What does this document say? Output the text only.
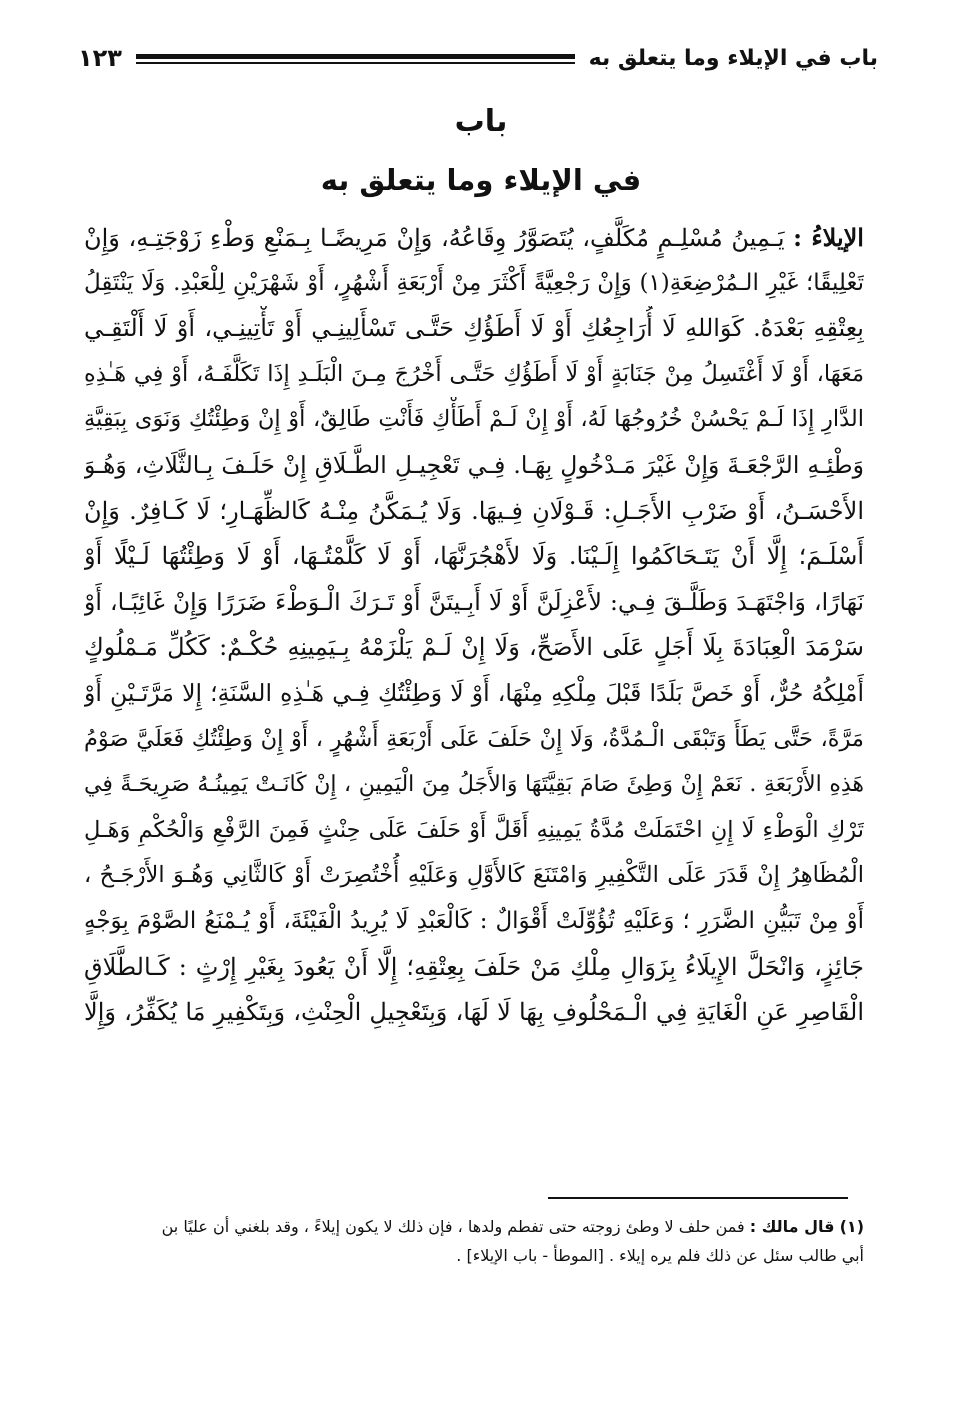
باب في الإيلاء وما يتعلق به
١٢٣
باب
في الإيلاء وما يتعلق به
الإيلاءُ : يَـمِينُ مُسْلِـمٍ مُكَلَّفٍ، يُتَصَوَّرُ وِقَاعُهُ، وَإِنْ مَرِيضًـا بِـمَنْعِ وَطْءِ زَوْجَتِـهِ، وَإِنْ
تَعْلِيقًا؛ غَيْرِ الـمُرْضِعَةِ(١) وَإِنْ رَجْعِيَّةً أَكْثَرَ مِنْ أَرْبَعَةِ أَشْهُرٍ، أَوْ شَهْرَيْنِ لِلْعَبْدِ. وَلَا يَنْتَقِلُ
بِعِتْقِهِ بَعْدَهُ. كَوَاللهِ لَا أُرَاجِعُكِ أَوْ لَا أَطَؤُكِ حَتَّـى تَسْأَلِينِـي أَوْ تَأْتِينِـي، أَوْ لَا أَلْتَقِـي
مَعَهَا، أَوْ لَا أَغْتَسِلُ مِنْ جَنَابَةٍ أَوْ لَا أَطَؤُكِ حَتَّـى أَخْرُجَ مِـنَ الْبَلَـدِ إِذَا تَكَلَّفَـهُ، أَوْ فِي هَـٰذِهِ
الدَّارِ إِذَا لَـمْ يَحْسُنْ خُرُوجُهَا لَهُ، أَوْ إِنْ لَـمْ أَطَأْكِ فَأَنْتِ طَالِقٌ، أَوْ إِنْ وَطِئْتُكِ وَنَوَى بِبَقِيَّةِ
وَطْئِـهِ الرَّجْعَـةَ وَإِنْ غَيْرَ مَـدْخُولٍ بِهَـا. فِـي تَعْجِيـلِ الطَّـلَاقِ إِنْ حَلَـفَ بِـالثَّلَاثِ، وَهُـوَ
الأَحْسَـنُ، أَوْ ضَرْبِ الأَجَـلِ: قَـوْلَانِ فِـيهَا. وَلَا يُـمَكَّنُ مِنْـهُ كَالظِّهَـارِ؛ لَا كَـافِرٌ. وَإِنْ
أَسْلَـمَ؛ إِلَّا أَنْ يَتَـحَاكَمُوا إِلَـيْنَا. وَلَا لأَهْجُرَنَّهَا، أَوْ لَا كَلَّمْتُـهَا، أَوْ لَا وَطِئْتُهَا لَـيْلًا أَوْ
نَهَارًا، وَاجْتَهَـدَ وَطَلَّـقَ فِـي: لأَعْزِلَنَّ أَوْ لَا أَبِـيتَنَّ أَوْ تَـرَكَ الْـوَطْءَ ضَرَرًا وَإِنْ غَائِبًـا، أَوْ
سَرْمَدَ الْعِبَادَةَ بِلَا أَجَلٍ عَلَى الأَصَحِّ، وَلَا إِنْ لَـمْ يَلْزَمْهُ بِـيَمِينِهِ حُكْـمٌ: كَكُلِّ مَـمْلُوكٍ
أَمْلِكُهُ حُرٌّ، أَوْ خَصَّ بَلَدًا قَبْلَ مِلْكِهِ مِنْهَا، أَوْ لَا وَطِئْتُكِ فِـي هَـٰذِهِ السَّنَةِ؛ إِلا مَرَّتَـيْنِ أَوْ
مَرَّةً، حَتَّى يَطَأَ وَتَبْقَى الْـمُدَّةُ، وَلَا إِنْ حَلَفَ عَلَى أَرْبَعَةِ أَشْهُرٍ ، أَوْ إِنْ وَطِئْتُكِ فَعَلَيَّ صَوْمُ
هَذِهِ الأَرْبَعَةِ . نَعَمْ إِنْ وَطِئَ صَامَ بَقِيَّتَهَا وَالأَجَلُ مِنَ الْيَمِينِ ، إِنْ كَانَـتْ يَمِينُـهُ صَرِيحَـةً فِي
تَرْكِ الْوَطْءِ لَا إِنِ احْتَمَلَتْ مُدَّةُ يَمِينِهِ أَقَلَّ أَوْ حَلَفَ عَلَى حِنْثٍ فَمِنَ الرَّفْعِ وَالْحُكْمِ وَهَـلِ
الْمُظَاهِرُ إِنْ قَدَرَ عَلَى التَّكْفِيرِ وَامْتَنَعَ كَالأَوَّلِ وَعَلَيْهِ أُخْتُصِرَتْ أَوْ كَالثَّانِي وَهُـوَ الأَرْجَـحُ ،
أَوْ مِنْ تَبَيُّنِ الضَّرَرِ ؛ وَعَلَيْهِ تُؤُوِّلَتْ أَقْوَالٌ : كَالْعَبْدِ لَا يُرِيدُ الْفَيْئَةَ، أَوْ يُـمْنَعُ الصَّوْمَ بِوَجْهٍ
جَائِزٍ، وَانْحَلَّ الإِيلَاءُ بِزَوَالِ مِلْكِ مَنْ حَلَفَ بِعِتْقِهِ؛ إِلَّا أَنْ يَعُودَ بِغَيْرِ إِرْثٍ : كَـالطَّلَاقِ
الْقَاصِرِ عَنِ الْغَايَةِ فِي الْـمَحْلُوفِ بِهَا لَا لَهَا، وَبِتَعْجِيلِ الْحِنْثِ، وَبِتَكْفِيرِ مَا يُكَفِّرُ، وَإِلَّا
(١) قال مالك : فمن حلف لا وطئ زوجته حتى تفطم ولدها ، فإن ذلك لا يكون إيلاءً ، وقد بلغني أن عليًا بن
أبي طالب سئل عن ذلك فلم يره إيلاء . [الموطأ - باب الإيلاء] .
